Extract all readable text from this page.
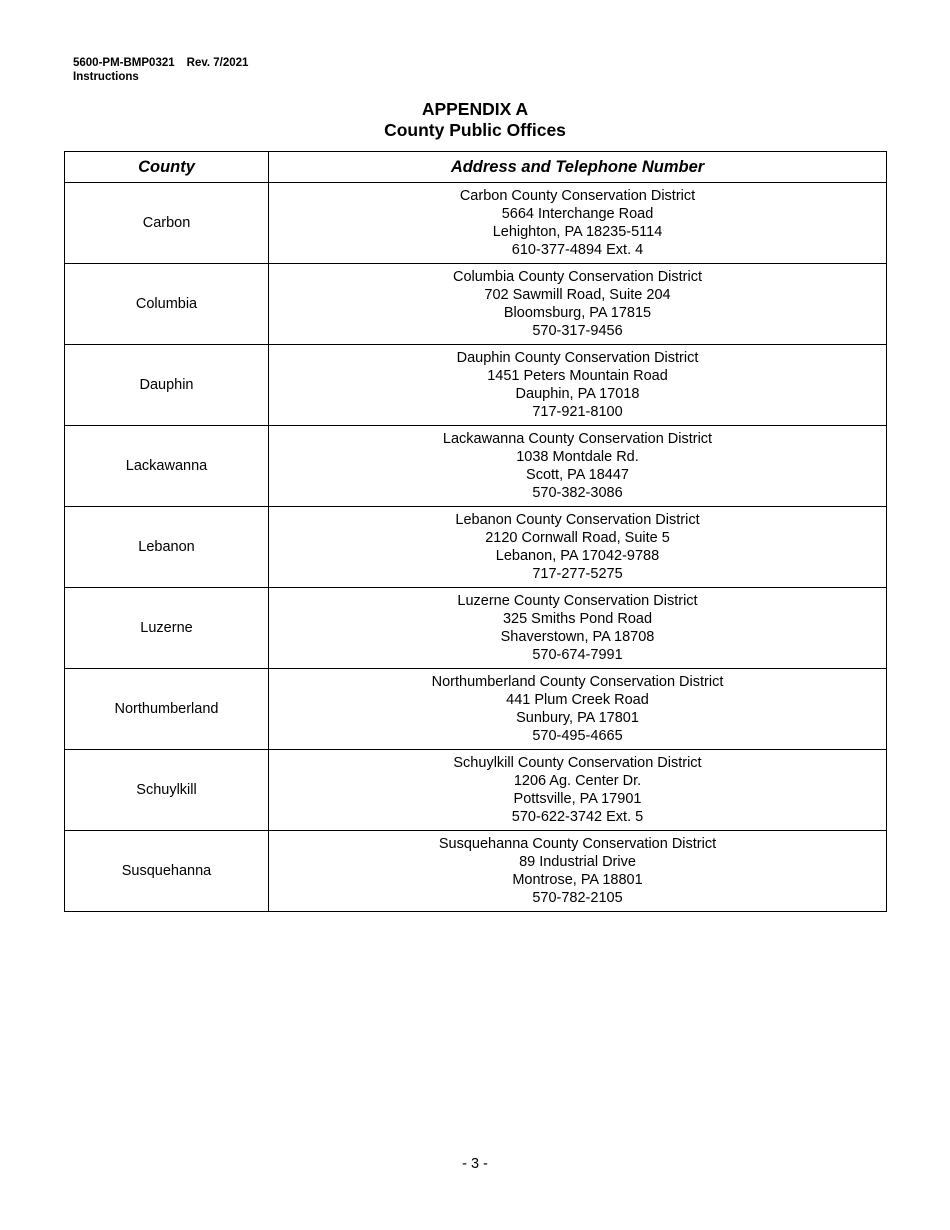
5600-PM-BMP0321 Rev. 7/2021
Instructions
APPENDIX A
County Public Offices
County	Address and Telephone Number
Carbon	Carbon County Conservation District
5664 Interchange Road
Lehighton, PA 18235-5114
610-377-4894 Ext. 4

Columbia	Columbia County Conservation District
702 Sawmill Road, Suite 204
Bloomsburg, PA 17815
570-317-9456

Dauphin	Dauphin County Conservation District
1451 Peters Mountain Road
Dauphin, PA 17018
717-921-8100

Lackawanna	Lackawanna County Conservation District
1038 Montdale Rd.
Scott, PA 18447
570-382-3086

Lebanon	Lebanon County Conservation District
2120 Cornwall Road, Suite 5
Lebanon, PA 17042-9788
717-277-5275

Luzerne	Luzerne County Conservation District
325 Smiths Pond Road
Shaverstown, PA 18708
570-674-7991

Northumberland	Northumberland County Conservation District
441 Plum Creek Road
Sunbury, PA 17801
570-495-4665

Schuylkill	Schuylkill County Conservation District
1206 Ag. Center Dr.
Pottsville, PA 17901
570-622-3742 Ext. 5

Susquehanna	Susquehanna County Conservation District
89 Industrial Drive
Montrose, PA 18801
570-782-2105
- 3 -
